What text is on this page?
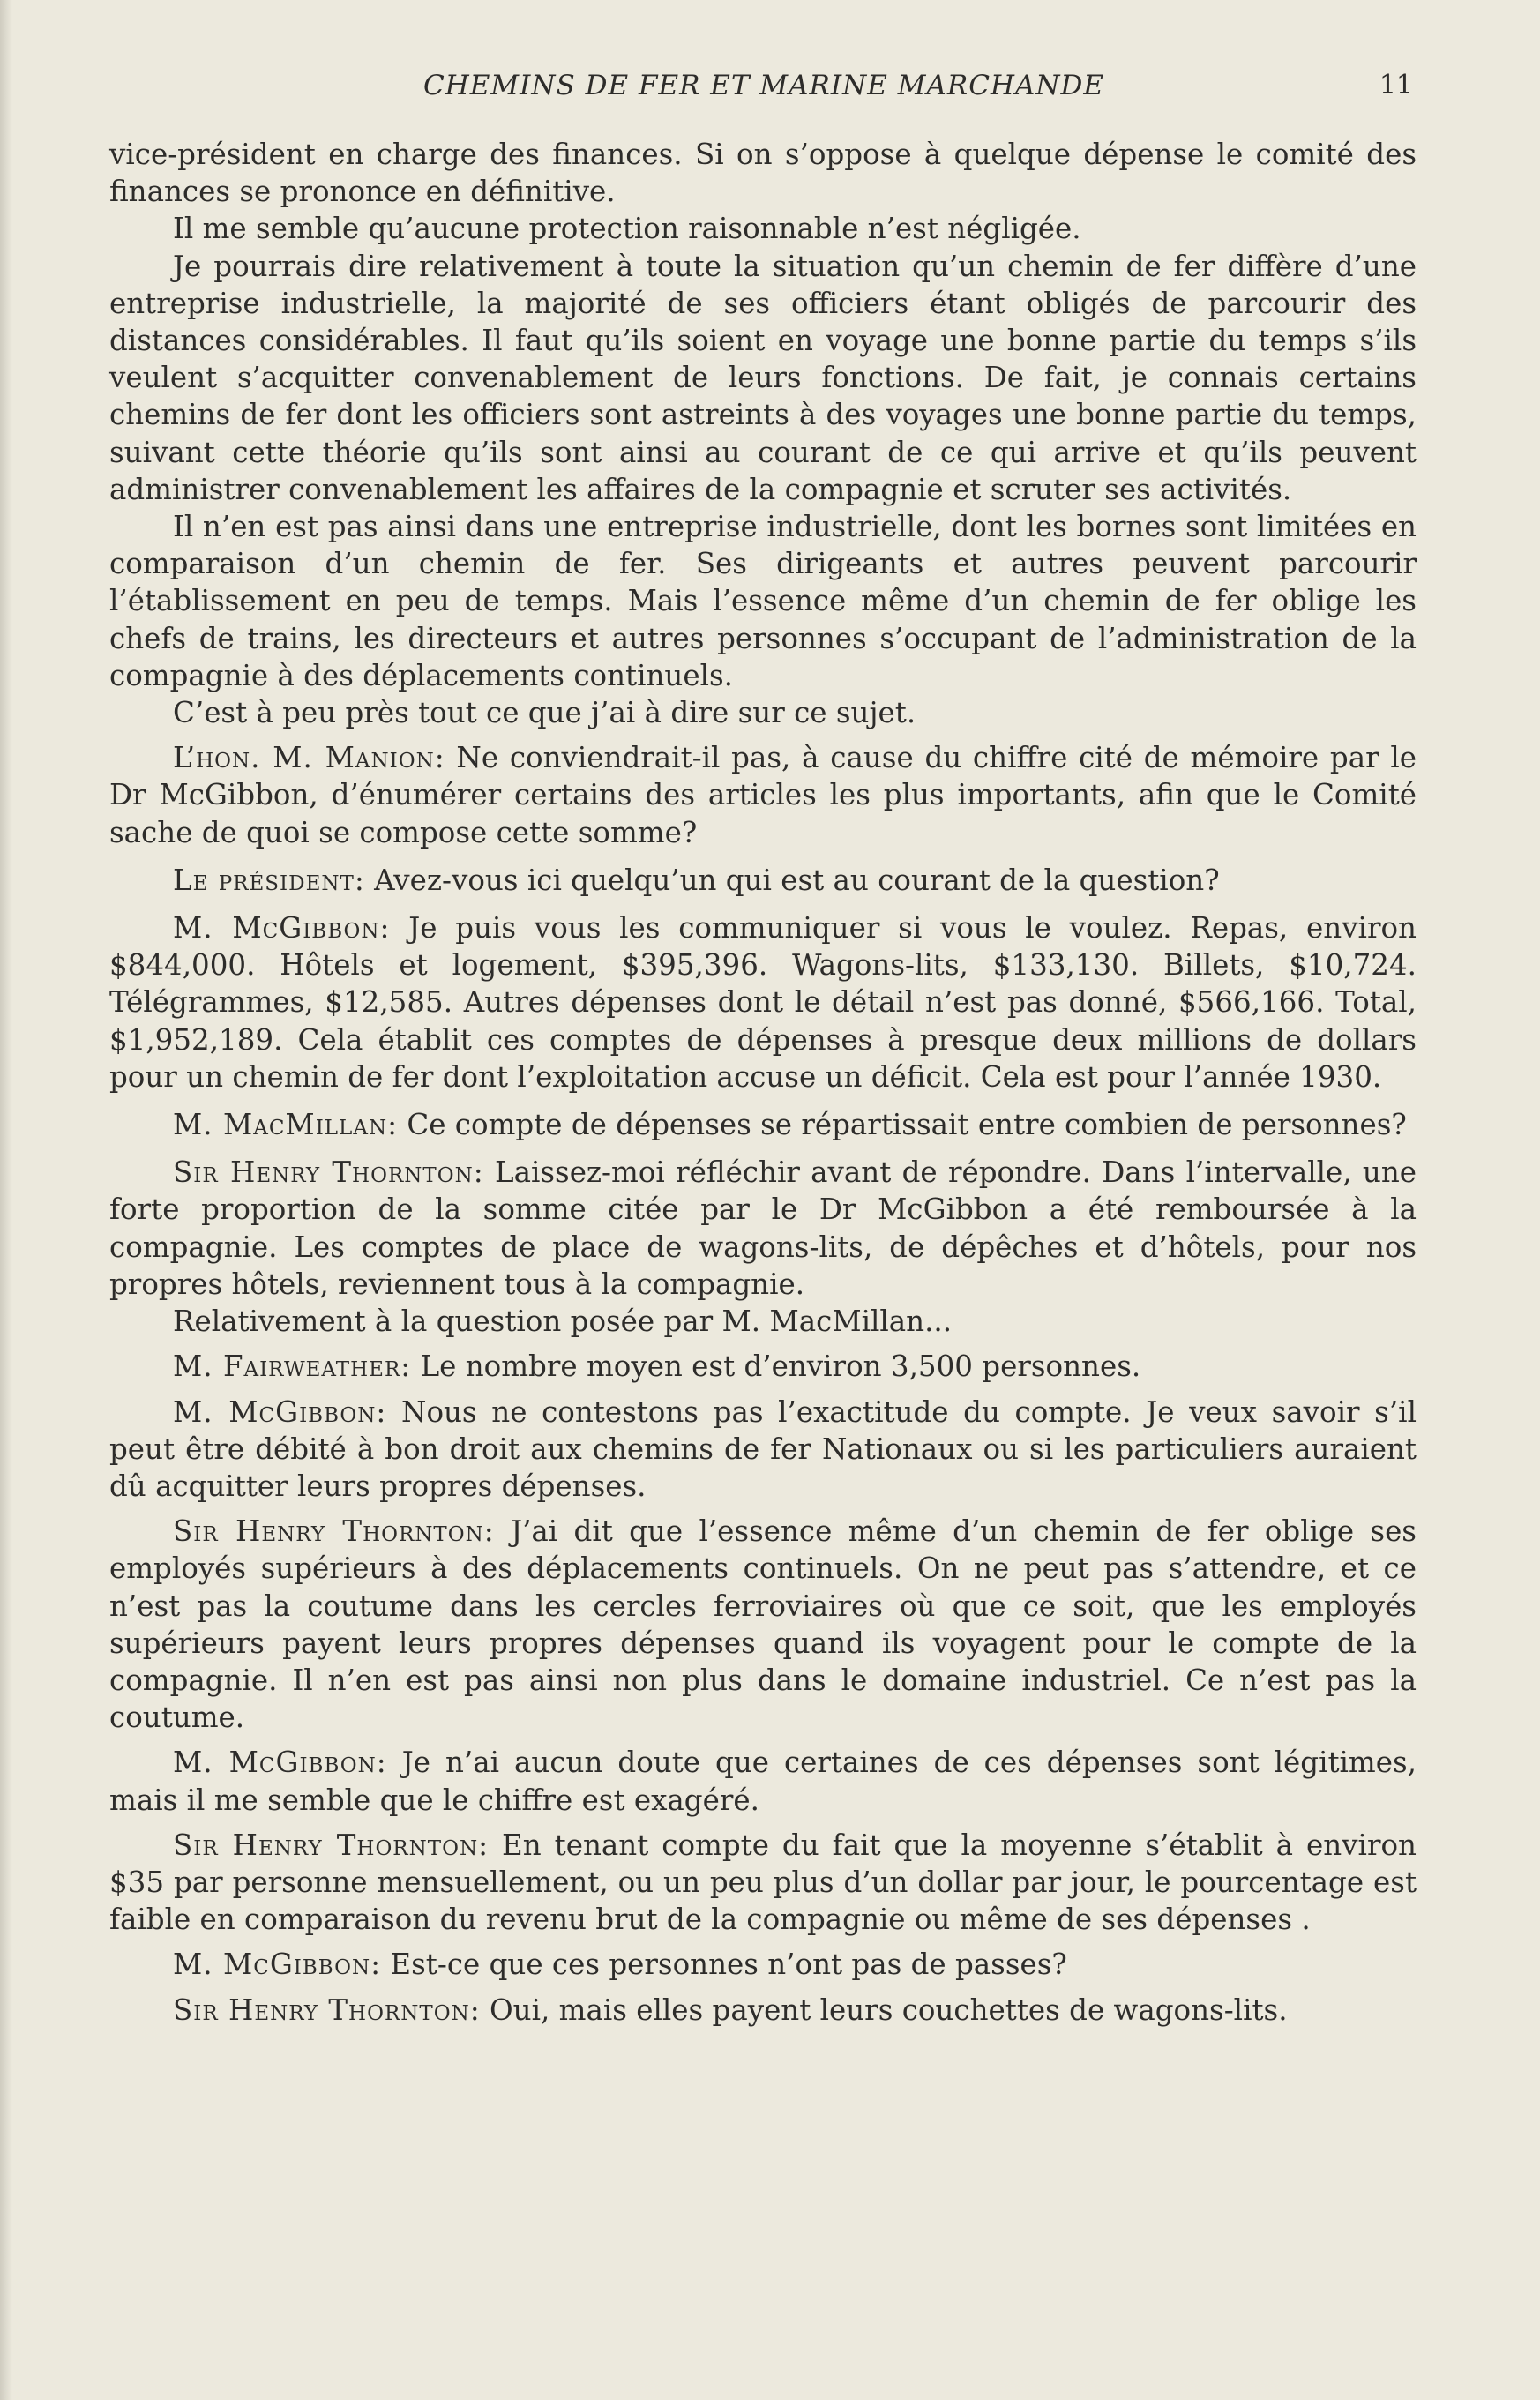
CHEMINS DE FER ET MARINE MARCHANDE	11

vice-président en charge des finances. Si on s’oppose à quelque dépense le comité des finances se prononce en définitive.

Il me semble qu’aucune protection raisonnable n’est négligée.

Je pourrais dire relativement à toute la situation qu’un chemin de fer diffère d’une entreprise industrielle, la majorité de ses officiers étant obligés de parcourir des distances considérables. Il faut qu’ils soient en voyage une bonne partie du temps s’ils veulent s’acquitter convenablement de leurs fonctions. De fait, je connais certains chemins de fer dont les officiers sont astreints à des voyages une bonne partie du temps, suivant cette théorie qu’ils sont ainsi au courant de ce qui arrive et qu’ils peuvent administrer convenablement les affaires de la compagnie et scruter ses activités.

Il n’en est pas ainsi dans une entreprise industrielle, dont les bornes sont limitées en comparaison d’un chemin de fer. Ses dirigeants et autres peuvent parcourir l’établissement en peu de temps. Mais l’essence même d’un chemin de fer oblige les chefs de trains, les directeurs et autres personnes s’occupant de l’administration de la compagnie à des déplacements continuels.

C’est à peu près tout ce que j’ai à dire sur ce sujet.

L’hon. M. Manion: Ne conviendrait-il pas, à cause du chiffre cité de mémoire par le Dr McGibbon, d’énumérer certains des articles les plus importants, afin que le Comité sache de quoi se compose cette somme?

Le président: Avez-vous ici quelqu’un qui est au courant de la question?

M. McGibbon: Je puis vous les communiquer si vous le voulez. Repas, environ $844,000. Hôtels et logement, $395,396. Wagons-lits, $133,130. Billets, $10,724. Télégrammes, $12,585. Autres dépenses dont le détail n’est pas donné, $566,166. Total, $1,952,189. Cela établit ces comptes de dépenses à presque deux millions de dollars pour un chemin de fer dont l’exploitation accuse un déficit. Cela est pour l’année 1930.

M. MacMillan: Ce compte de dépenses se répartissait entre combien de personnes?

Sir Henry Thornton: Laissez-moi réfléchir avant de répondre. Dans l’intervalle, une forte proportion de la somme citée par le Dr McGibbon a été remboursée à la compagnie. Les comptes de place de wagons-lits, de dépêches et d’hôtels, pour nos propres hôtels, reviennent tous à la compagnie.

Relativement à la question posée par M. MacMillan...

M. Fairweather: Le nombre moyen est d’environ 3,500 personnes.

M. McGibbon: Nous ne contestons pas l’exactitude du compte. Je veux savoir s’il peut être débité à bon droit aux chemins de fer Nationaux ou si les particuliers auraient dû acquitter leurs propres dépenses.

Sir Henry Thornton: J’ai dit que l’essence même d’un chemin de fer oblige ses employés supérieurs à des déplacements continuels. On ne peut pas s’attendre, et ce n’est pas la coutume dans les cercles ferroviaires où que ce soit, que les employés supérieurs payent leurs propres dépenses quand ils voyagent pour le compte de la compagnie. Il n’en est pas ainsi non plus dans le domaine industriel. Ce n’est pas la coutume.

M. McGibbon: Je n’ai aucun doute que certaines de ces dépenses sont légitimes, mais il me semble que le chiffre est exagéré.

Sir Henry Thornton: En tenant compte du fait que la moyenne s’établit à environ $35 par personne mensuellement, ou un peu plus d’un dollar par jour, le pourcentage est faible en comparaison du revenu brut de la compagnie ou même de ses dépenses .

M. McGibbon: Est-ce que ces personnes n’ont pas de passes?

Sir Henry Thornton: Oui, mais elles payent leurs couchettes de wagons-lits.
